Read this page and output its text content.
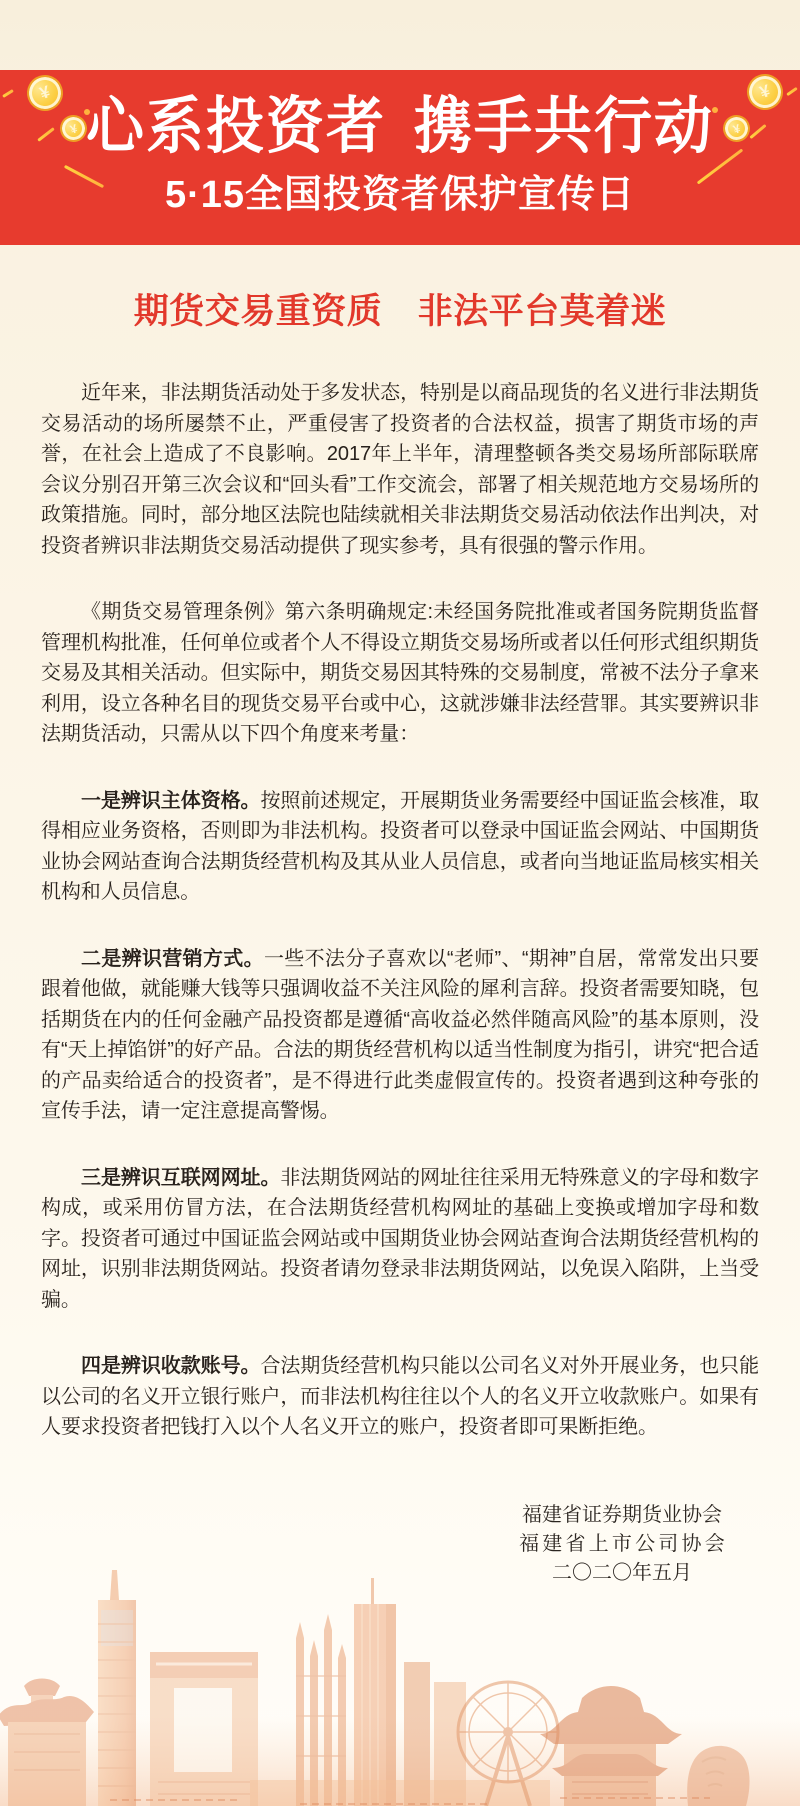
¥
¥
¥
¥
心系投资者 携手共行动
5·15全国投资者保护宣传日
期货交易重资质　非法平台莫着迷

近年来，非法期货活动处于多发状态，特别是以商品现货的名义进行非法期货交易活动的场所屡禁不止，严重侵害了投资者的合法权益，损害了期货市场的声誉，在社会上造成了不良影响。2017年上半年，清理整顿各类交易场所部际联席会议分别召开第三次会议和“回头看”工作交流会，部署了相关规范地方交易场所的政策措施。同时，部分地区法院也陆续就相关非法期货交易活动依法作出判决，对投资者辨识非法期货交易活动提供了现实参考，具有很强的警示作用。

《期货交易管理条例》第六条明确规定:未经国务院批准或者国务院期货监督管理机构批准，任何单位或者个人不得设立期货交易场所或者以任何形式组织期货交易及其相关活动。但实际中，期货交易因其特殊的交易制度，常被不法分子拿来利用，设立各种名目的现货交易平台或中心，这就涉嫌非法经营罪。其实要辨识非法期货活动，只需从以下四个角度来考量：

一是辨识主体资格。按照前述规定，开展期货业务需要经中国证监会核准，取得相应业务资格，否则即为非法机构。投资者可以登录中国证监会网站、中国期货业协会网站查询合法期货经营机构及其从业人员信息，或者向当地证监局核实相关机构和人员信息。

二是辨识营销方式。一些不法分子喜欢以“老师”、“期神”自居，常常发出只要跟着他做，就能赚大钱等只强调收益不关注风险的犀利言辞。投资者需要知晓，包括期货在内的任何金融产品投资都是遵循“高收益必然伴随高风险”的基本原则，没有“天上掉馅饼”的好产品。合法的期货经营机构以适当性制度为指引，讲究“把合适的产品卖给适合的投资者”，是不得进行此类虚假宣传的。投资者遇到这种夸张的宣传手法，请一定注意提高警惕。

三是辨识互联网网址。非法期货网站的网址往往采用无特殊意义的字母和数字构成，或采用仿冒方法，在合法期货经营机构网址的基础上变换或增加字母和数字。投资者可通过中国证监会网站或中国期货业协会网站查询合法期货经营机构的网址，识别非法期货网站。投资者请勿登录非法期货网站，以免误入陷阱，上当受骗。

四是辨识收款账号。合法期货经营机构只能以公司名义对外开展业务，也只能以公司的名义开立银行账户，而非法机构往往以个人的名义开立收款账户。如果有人要求投资者把钱打入以个人名义开立的账户，投资者即可果断拒绝。

福建省证券期货业协会
福建省上市公司协会
二〇二〇年五月
